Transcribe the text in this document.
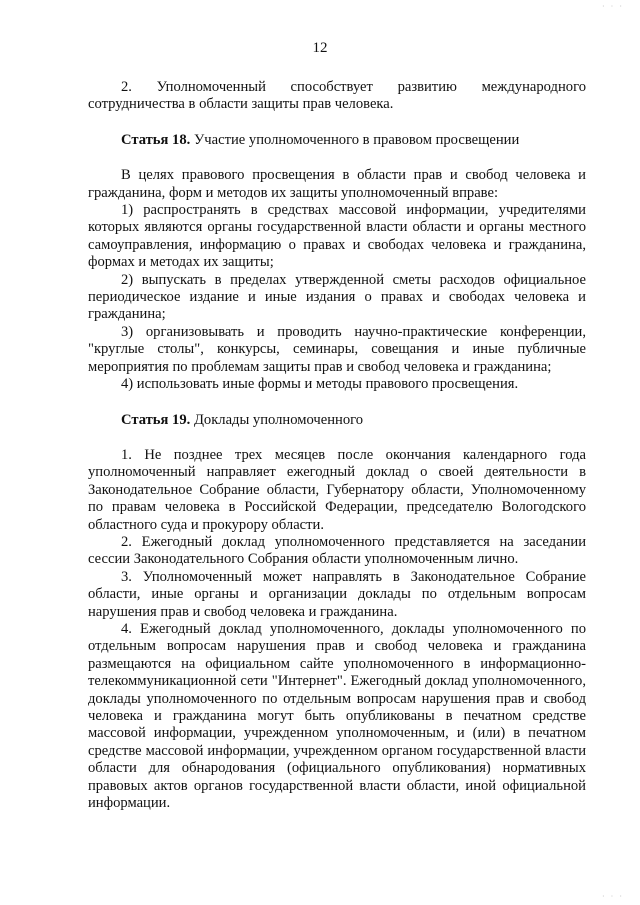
12

2. Уполномоченный способствует развитию международного сотрудничества в области защиты прав человека.

Статья 18. Участие уполномоченного в правовом просвещении

В целях правового просвещения в области прав и свобод человека и гражданина, форм и методов их защиты уполномоченный вправе:

1) распространять в средствах массовой информации, учредителями которых являются органы государственной власти области и органы местного самоуправления, информацию о правах и свободах человека и гражданина, формах и методах их защиты;

2) выпускать в пределах утвержденной сметы расходов официальное периодическое издание и иные издания о правах и свободах человека и гражданина;

3) организовывать и проводить научно-практические конференции, "круглые столы", конкурсы, семинары, совещания и иные публичные мероприятия по проблемам защиты прав и свобод человека и гражданина;

4) использовать иные формы и методы правового просвещения.

Статья 19. Доклады уполномоченного

1. Не позднее трех месяцев после окончания календарного года уполномоченный направляет ежегодный доклад о своей деятельности в Законодательное Собрание области, Губернатору области, Уполномоченному по правам человека в Российской Федерации, председателю Вологодского областного суда и прокурору области.

2. Ежегодный доклад уполномоченного представляется на заседании сессии Законодательного Собрания области уполномоченным лично.

3. Уполномоченный может направлять в Законодательное Собрание области, иные органы и организации доклады по отдельным вопросам нарушения прав и свобод человека и гражданина.

4. Ежегодный доклад уполномоченного, доклады уполномоченного по отдельным вопросам нарушения прав и свобод человека и гражданина размещаются на официальном сайте уполномоченного в информационно-телекоммуникационной сети "Интернет". Ежегодный доклад уполномоченного, доклады уполномоченного по отдельным вопросам нарушения прав и свобод человека и гражданина могут быть опубликованы в печатном средстве массовой информации, учрежденном уполномоченным, и (или) в печатном средстве массовой информации, учрежденном органом государственной власти области для обнародования (официального опубликования) нормативных правовых актов органов государственной власти области, иной официальной информации.

· · ·
· · ·
